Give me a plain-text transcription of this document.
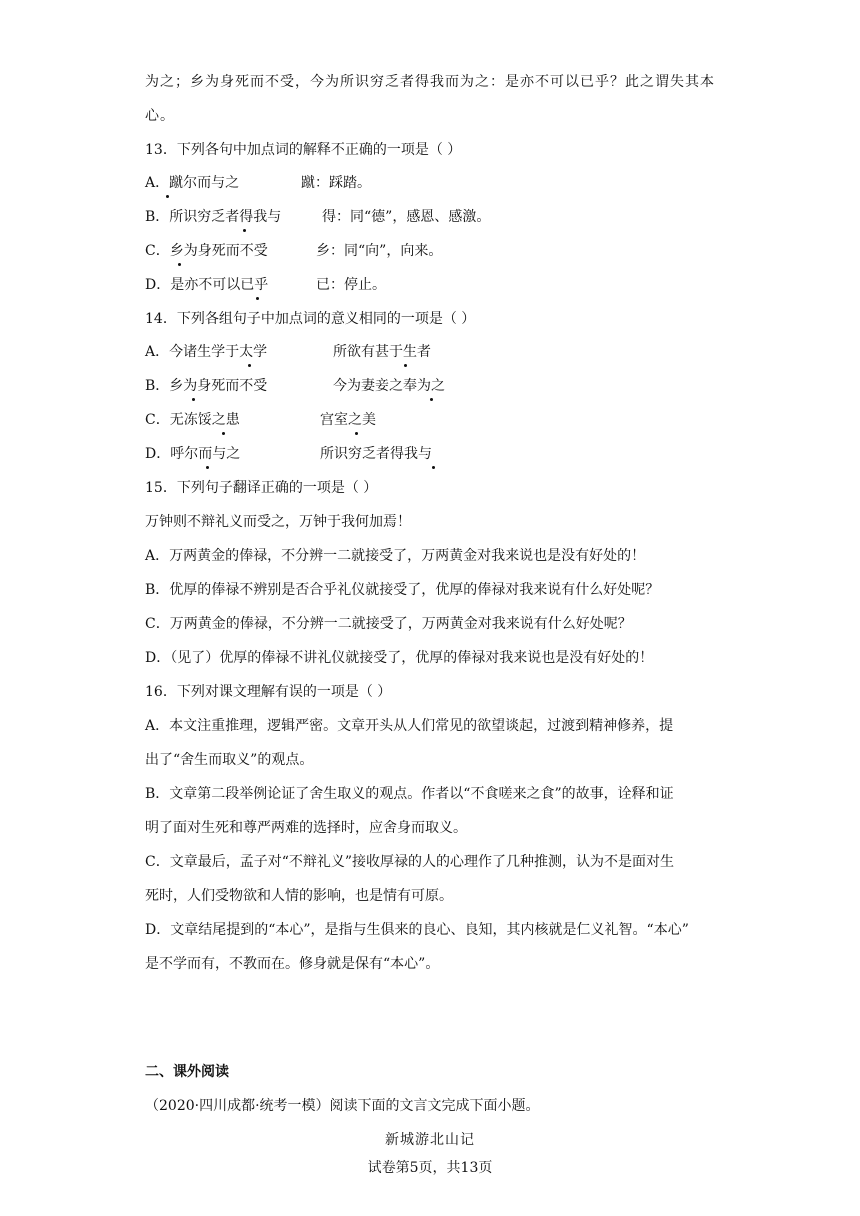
为之；乡为身死而不受，今为所识穷乏者得我而为之：是亦不可以已乎？此之谓失其本
心。
13．下列各句中加点词的解释不正确的一项是（ ）
A．蹴尔而与之	蹴：踩踏。
B．所识穷乏者得我与	得：同“德”，感恩、感激。
C．乡为身死而不受	乡：同“向”，向来。
D．是亦不可以已乎	已：停止。
14．下列各组句子中加点词的意义相同的一项是（ ）
A．今诸生学于太学	所欲有甚于生者
B．乡为身死而不受	今为妻妾之奉为之
C．无冻馁之患	宫室之美
D．呼尔而与之	所识穷乏者得我与
15．下列句子翻译正确的一项是（ ）
万钟则不辩礼义而受之，万钟于我何加焉！
A．万两黄金的俸禄，不分辨一二就接受了，万两黄金对我来说也是没有好处的！
B．优厚的俸禄不辨别是否合乎礼仪就接受了，优厚的俸禄对我来说有什么好处呢？
C．万两黄金的俸禄，不分辨一二就接受了，万两黄金对我来说有什么好处呢？
D．（见了）优厚的俸禄不讲礼仪就接受了，优厚的俸禄对我来说也是没有好处的！
16．下列对课文理解有误的一项是（ ）
A．本文注重推理，逻辑严密。文章开头从人们常见的欲望谈起，过渡到精神修养，提
出了“舍生而取义”的观点。
B．文章第二段举例论证了舍生取义的观点。作者以“不食嗟来之食”的故事，诠释和证
明了面对生死和尊严两难的选择时，应舍身而取义。
C．文章最后，孟子对“不辩礼义”接收厚禄的人的心理作了几种推测，认为不是面对生
死时，人们受物欲和人情的影响，也是情有可原。
D．文章结尾提到的“本心”，是指与生俱来的良心、良知，其内核就是仁义礼智。“本心”
是不学而有，不教而在。修身就是保有“本心”。
二、课外阅读
（2020·四川成都·统考一模）阅读下面的文言文完成下面小题。
新城游北山记
试卷第5页，共13页
